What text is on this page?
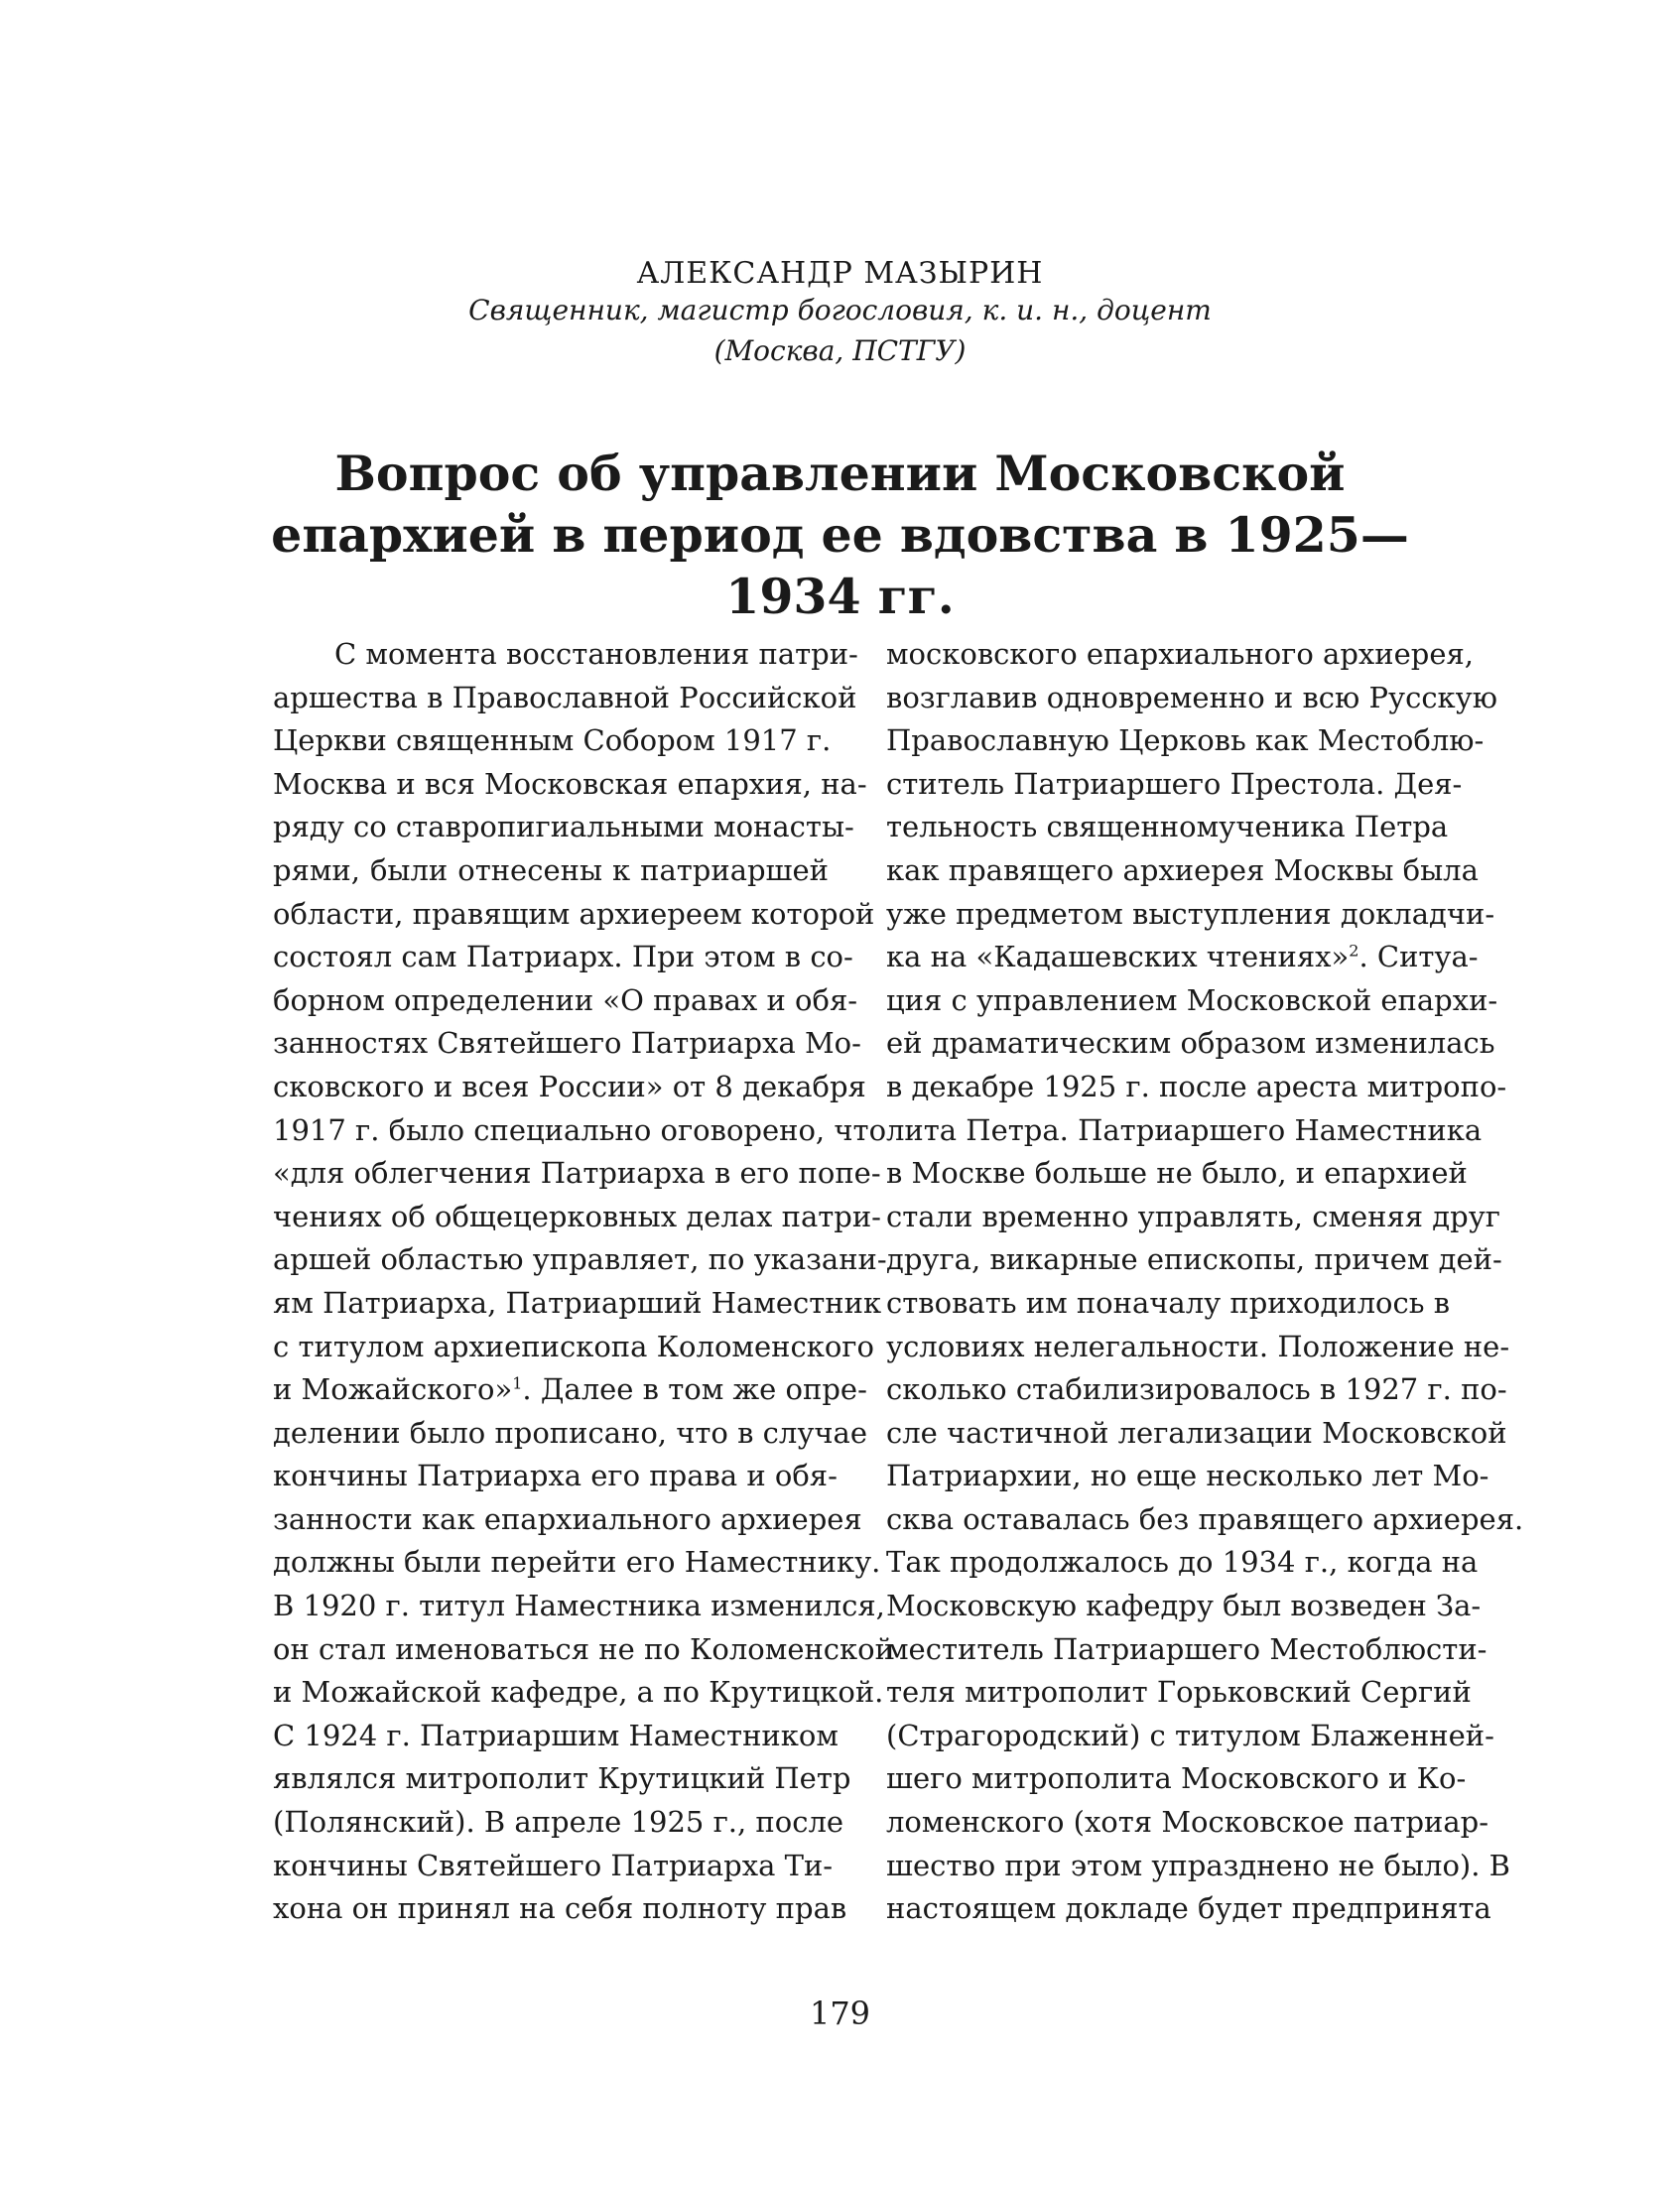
АЛЕКСАНДР МАЗЫРИН
Священник, магистр богословия, к. и. н., доцент
(Москва, ПСТГУ)
Вопрос об управлении Московской
епархией в период ее вдовства в 1925—1934 гг.
С момента восстановления патри-
аршества в Православной Российской
Церкви священным Собором 1917 г.
Москва и вся Московская епархия, на-
ряду со ставропигиальными монасты-
рями, были отнесены к патриаршей
области, правящим архиереем которой
состоял сам Патриарх. При этом в со-
борном определении «О правах и обя-
занностях Святейшего Патриарха Мо-
сковского и всея России» от 8 декабря
1917 г. было специально оговорено, что
«для облегчения Патриарха в его попе-
чениях об общецерковных делах патри-
аршей областью управляет, по указани-
ям Патриарха, Патриарший Наместник
с титулом архиепископа Коломенского
и Можайского»$^1$. Далее в том же опре-
делении было прописано, что в случае
кончины Патриарха его права и обя-
занности как епархиального архиерея
должны были перейти его Наместнику.
В 1920 г. титул Наместника изменился,
он стал именоваться не по Коломенской
и Можайской кафедре, а по Крутицкой.
С 1924 г. Патриаршим Наместником
являлся митрополит Крутицкий Петр
(Полянский). В апреле 1925 г., после
кончины Святейшего Патриарха Ти-
хона он принял на себя полноту прав
московского епархиального архиерея,
возглавив одновременно и всю Русскую
Православную Церковь как Местоблю-
ститель Патриаршего Престола. Дея-
тельность священномученика Петра
как правящего архиерея Москвы была
уже предметом выступления докладчи-
ка на «Кадашевских чтениях»$^2$. Ситуа-
ция с управлением Московской епархи-
ей драматическим образом изменилась
в декабре 1925 г. после ареста митропо-
лита Петра. Патриаршего Наместника
в Москве больше не было, и епархией
стали временно управлять, сменяя друг
друга, викарные епископы, причем дей-
ствовать им поначалу приходилось в
условиях нелегальности. Положение не-
сколько стабилизировалось в 1927 г. по-
сле частичной легализации Московской
Патриархии, но еще несколько лет Мо-
сква оставалась без правящего архиерея.
Так продолжалось до 1934 г., когда на
Московскую кафедру был возведен За-
меститель Патриаршего Местоблюсти-
теля митрополит Горьковский Сергий
(Страгородский) с титулом Блаженней-
шего митрополита Московского и Ко-
ломенского (хотя Московское патриар-
шество при этом упразднено не было). В
настоящем докладе будет предпринята
179
